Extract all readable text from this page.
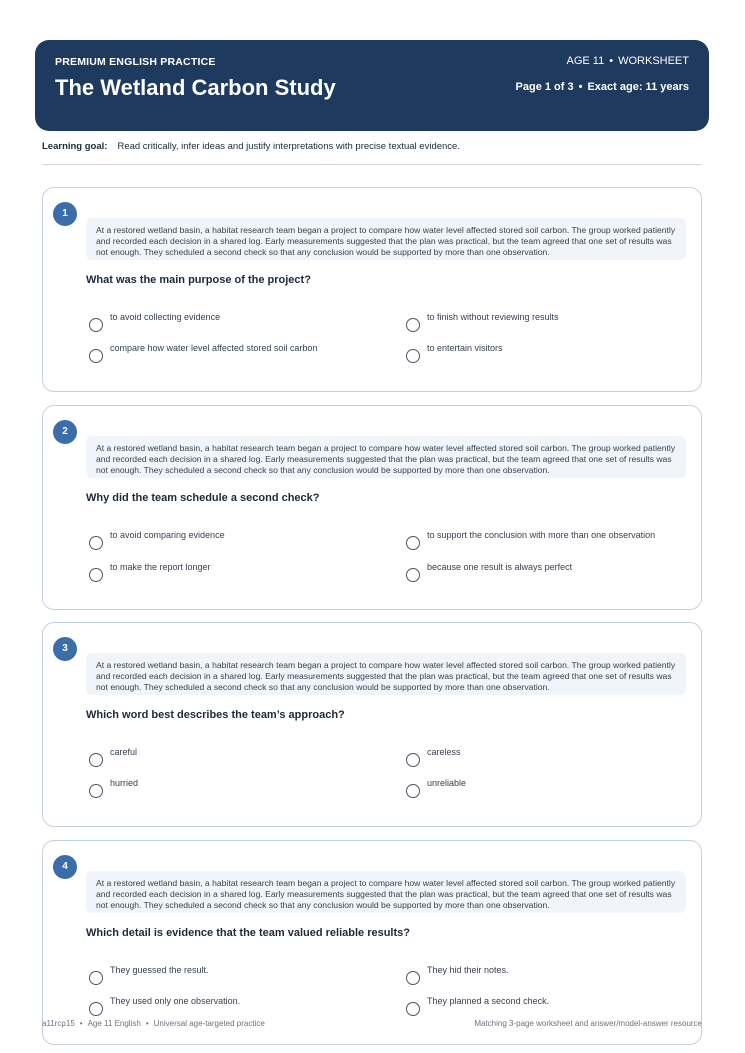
PREMIUM ENGLISH PRACTICE
The Wetland Carbon Study
AGE 11 • WORKSHEET
Page 1 of 3 • Exact age: 11 years
Learning goal: Read critically, infer ideas and justify interpretations with precise textual evidence.
1
At a restored wetland basin, a habitat research team began a project to compare how water level affected stored soil carbon. The group worked patiently and recorded each decision in a shared log. Early measurements suggested that the plan was practical, but the team agreed that one set of results was not enough. They scheduled a second check so that any conclusion would be supported by more than one observation.
What was the main purpose of the project?
to avoid collecting evidence	to finish without reviewing results
compare how water level affected stored soil carbon	to entertain visitors
2
At a restored wetland basin, a habitat research team began a project to compare how water level affected stored soil carbon. The group worked patiently and recorded each decision in a shared log. Early measurements suggested that the plan was practical, but the team agreed that one set of results was not enough. They scheduled a second check so that any conclusion would be supported by more than one observation.
Why did the team schedule a second check?
to avoid comparing evidence	to support the conclusion with more than one observation
to make the report longer	because one result is always perfect
3
At a restored wetland basin, a habitat research team began a project to compare how water level affected stored soil carbon. The group worked patiently and recorded each decision in a shared log. Early measurements suggested that the plan was practical, but the team agreed that one set of results was not enough. They scheduled a second check so that any conclusion would be supported by more than one observation.
Which word best describes the team’s approach?
careful	careless
hurried	unreliable
4
At a restored wetland basin, a habitat research team began a project to compare how water level affected stored soil carbon. The group worked patiently and recorded each decision in a shared log. Early measurements suggested that the plan was practical, but the team agreed that one set of results was not enough. They scheduled a second check so that any conclusion would be supported by more than one observation.
Which detail is evidence that the team valued reliable results?
They guessed the result.	They hid their notes.
They used only one observation.	They planned a second check.
a11rcp15 • Age 11 English • Universal age-targeted practice	Matching 3-page worksheet and answer/model-answer resource
